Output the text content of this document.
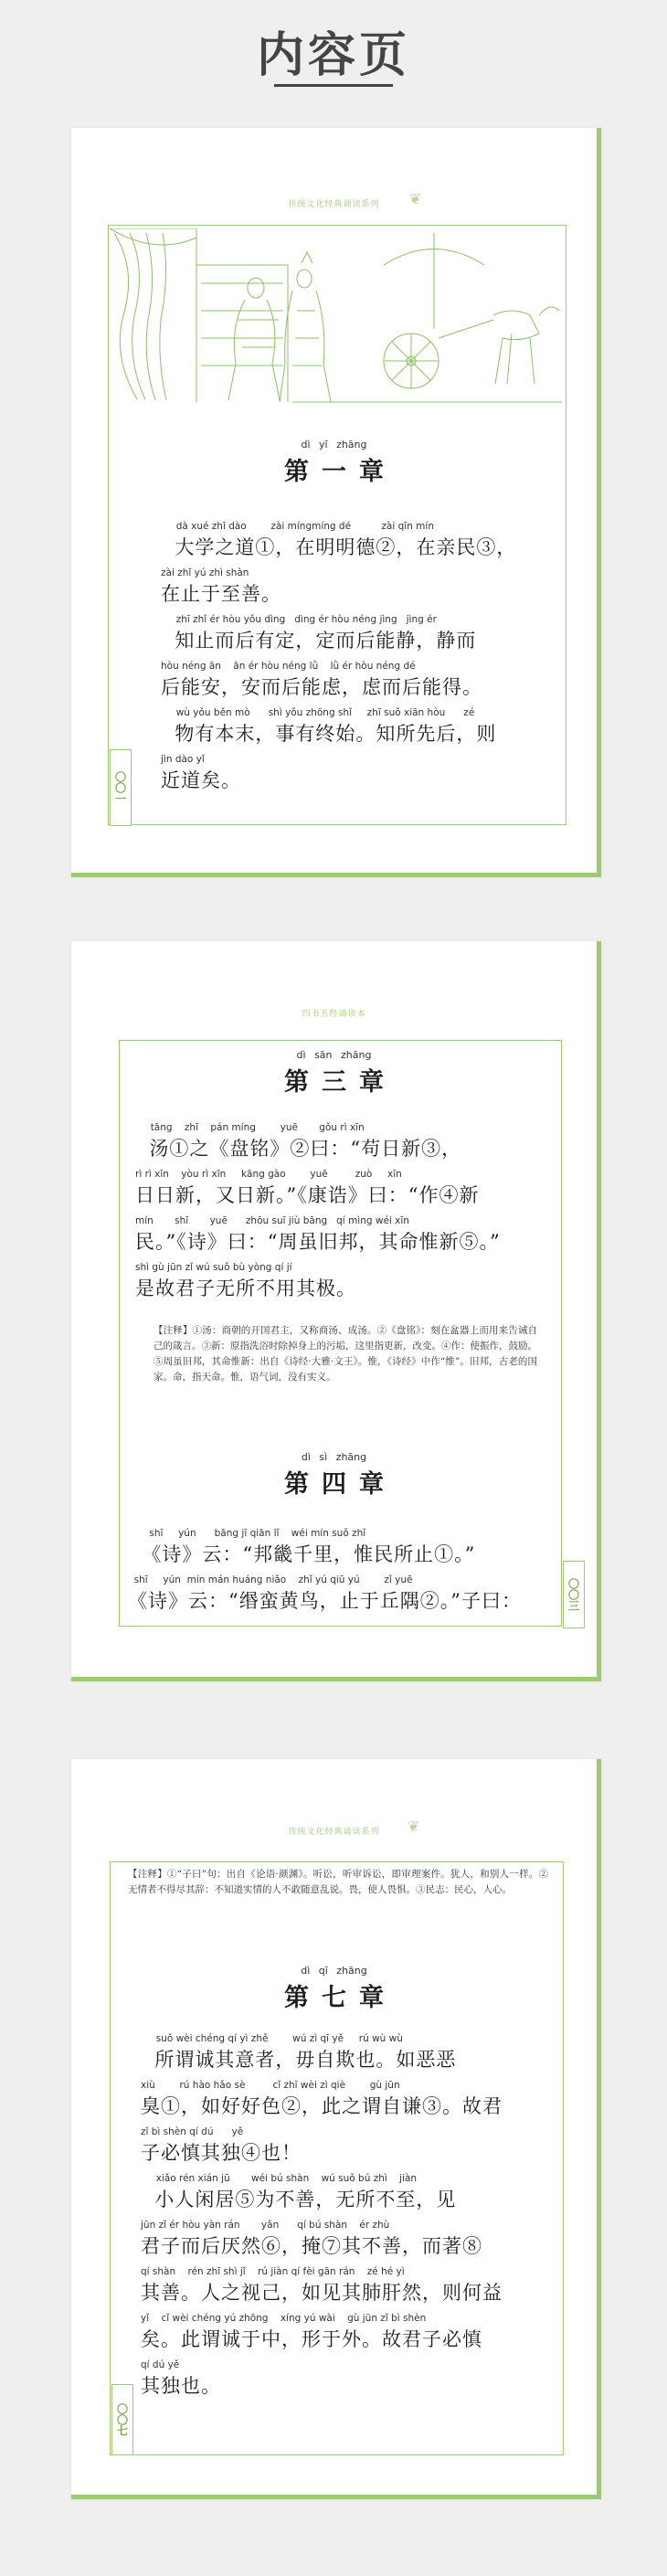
内容页
传统文化经典诵读系列	❦
dì yī zhāng
第一章
dà xué zhī dào        zài míngmíng dé          zài qīn mín
大学之道①，在明明德②，在亲民③，
zài zhǐ yú zhì shàn
在止于至善。
zhī zhǐ ér hòu yǒu dìng   dìng ér hòu néng jìng   jìng ér
知止而后有定，定而后能静，静而
hòu néng ān    ān ér hòu néng lǜ    lǜ ér hòu néng dé
后能安，安而后能虑，虑而后能得。
wù yǒu běn mò      shì yǒu zhōng shǐ     zhī suǒ xiān hòu      zé
物有本末，事有终始。知所先后，则
jìn dào yǐ
近道矣。
〇〇一
四书五经诵读本
dì sān zhāng
第三章
tāng    zhī    pán míng        yuē       gǒu rì xīn
汤①之《盘铭》②曰：“苟日新③，
rì rì xīn    yòu rì xīn     kāng gào        yuē         zuò     xīn
日日新，又日新。”《康诰》曰：“作④新
mín       shī       yuē      zhōu suī jiù bāng   qí mìng wéi xīn
民。”《诗》曰：“周虽旧邦，其命惟新⑤。”
shì gù jūn zǐ wú suǒ bù yòng qí jí
是故君子无所不用其极。
【注释】①汤：商朝的开国君主，又称商汤、成汤。②《盘铭》：刻在盆器上而用来告诫自己的箴言。③新：原指洗浴时除掉身上的污垢，这里指更新，改变。④作：使振作，鼓励。⑤周虽旧邦，其命惟新：出自《诗经·大雅·文王》。惟，《诗经》中作“维”。旧邦，古老的国家。命，指天命。惟，语气词，没有实义。
dì sì zhāng
第四章
shī     yún      bāng jī qiān lǐ    wéi mín suǒ zhǐ
《诗》云：“邦畿千里，惟民所止①。”
shī     yún  mín mán huáng niǎo    zhǐ yú qiū yú        zǐ yuē
《诗》云：“缗蛮黄鸟，止于丘隅②。”子曰：	〇〇三
传统文化经典诵读系列	❦
【注释】①“子曰”句：出自《论语·颜渊》。听讼，听审诉讼，即审理案件。犹人，和别人一样。②无情者不得尽其辞：不知道实情的人不敢随意乱说。畏，使人畏惧。③民志：民心，人心。
dì qī zhāng
第七章
suǒ wèi chéng qí yì zhě        wú zì qī yě     rú wù wù
所谓诚其意者，毋自欺也。如恶恶
xiù        rú hào hǎo sè         cǐ zhī wèi zì qiè        gù jūn
臭①，如好好色②，此之谓自谦③。故君
zǐ bì shèn qí dú      yě
子必慎其独④也！
xiǎo rén xián jū       wéi bú shàn    wú suǒ bú zhì    jiàn
小人闲居⑤为不善，无所不至，见
jūn zǐ ér hòu yàn rán       yǎn      qí bú shàn    ér zhù
君子而后厌然⑥，掩⑦其不善，而著⑧
qí shàn    rén zhī shì jǐ    rú jiàn qí fèi gān rán    zé hé yì
其善。人之视己，如见其肺肝然，则何益
yǐ    cǐ wèi chéng yú zhōng    xíng yú wài    gù jūn zǐ bì shèn
矣。此谓诚于中，形于外。故君子必慎
qí dú yě
其独也。
〇〇七
